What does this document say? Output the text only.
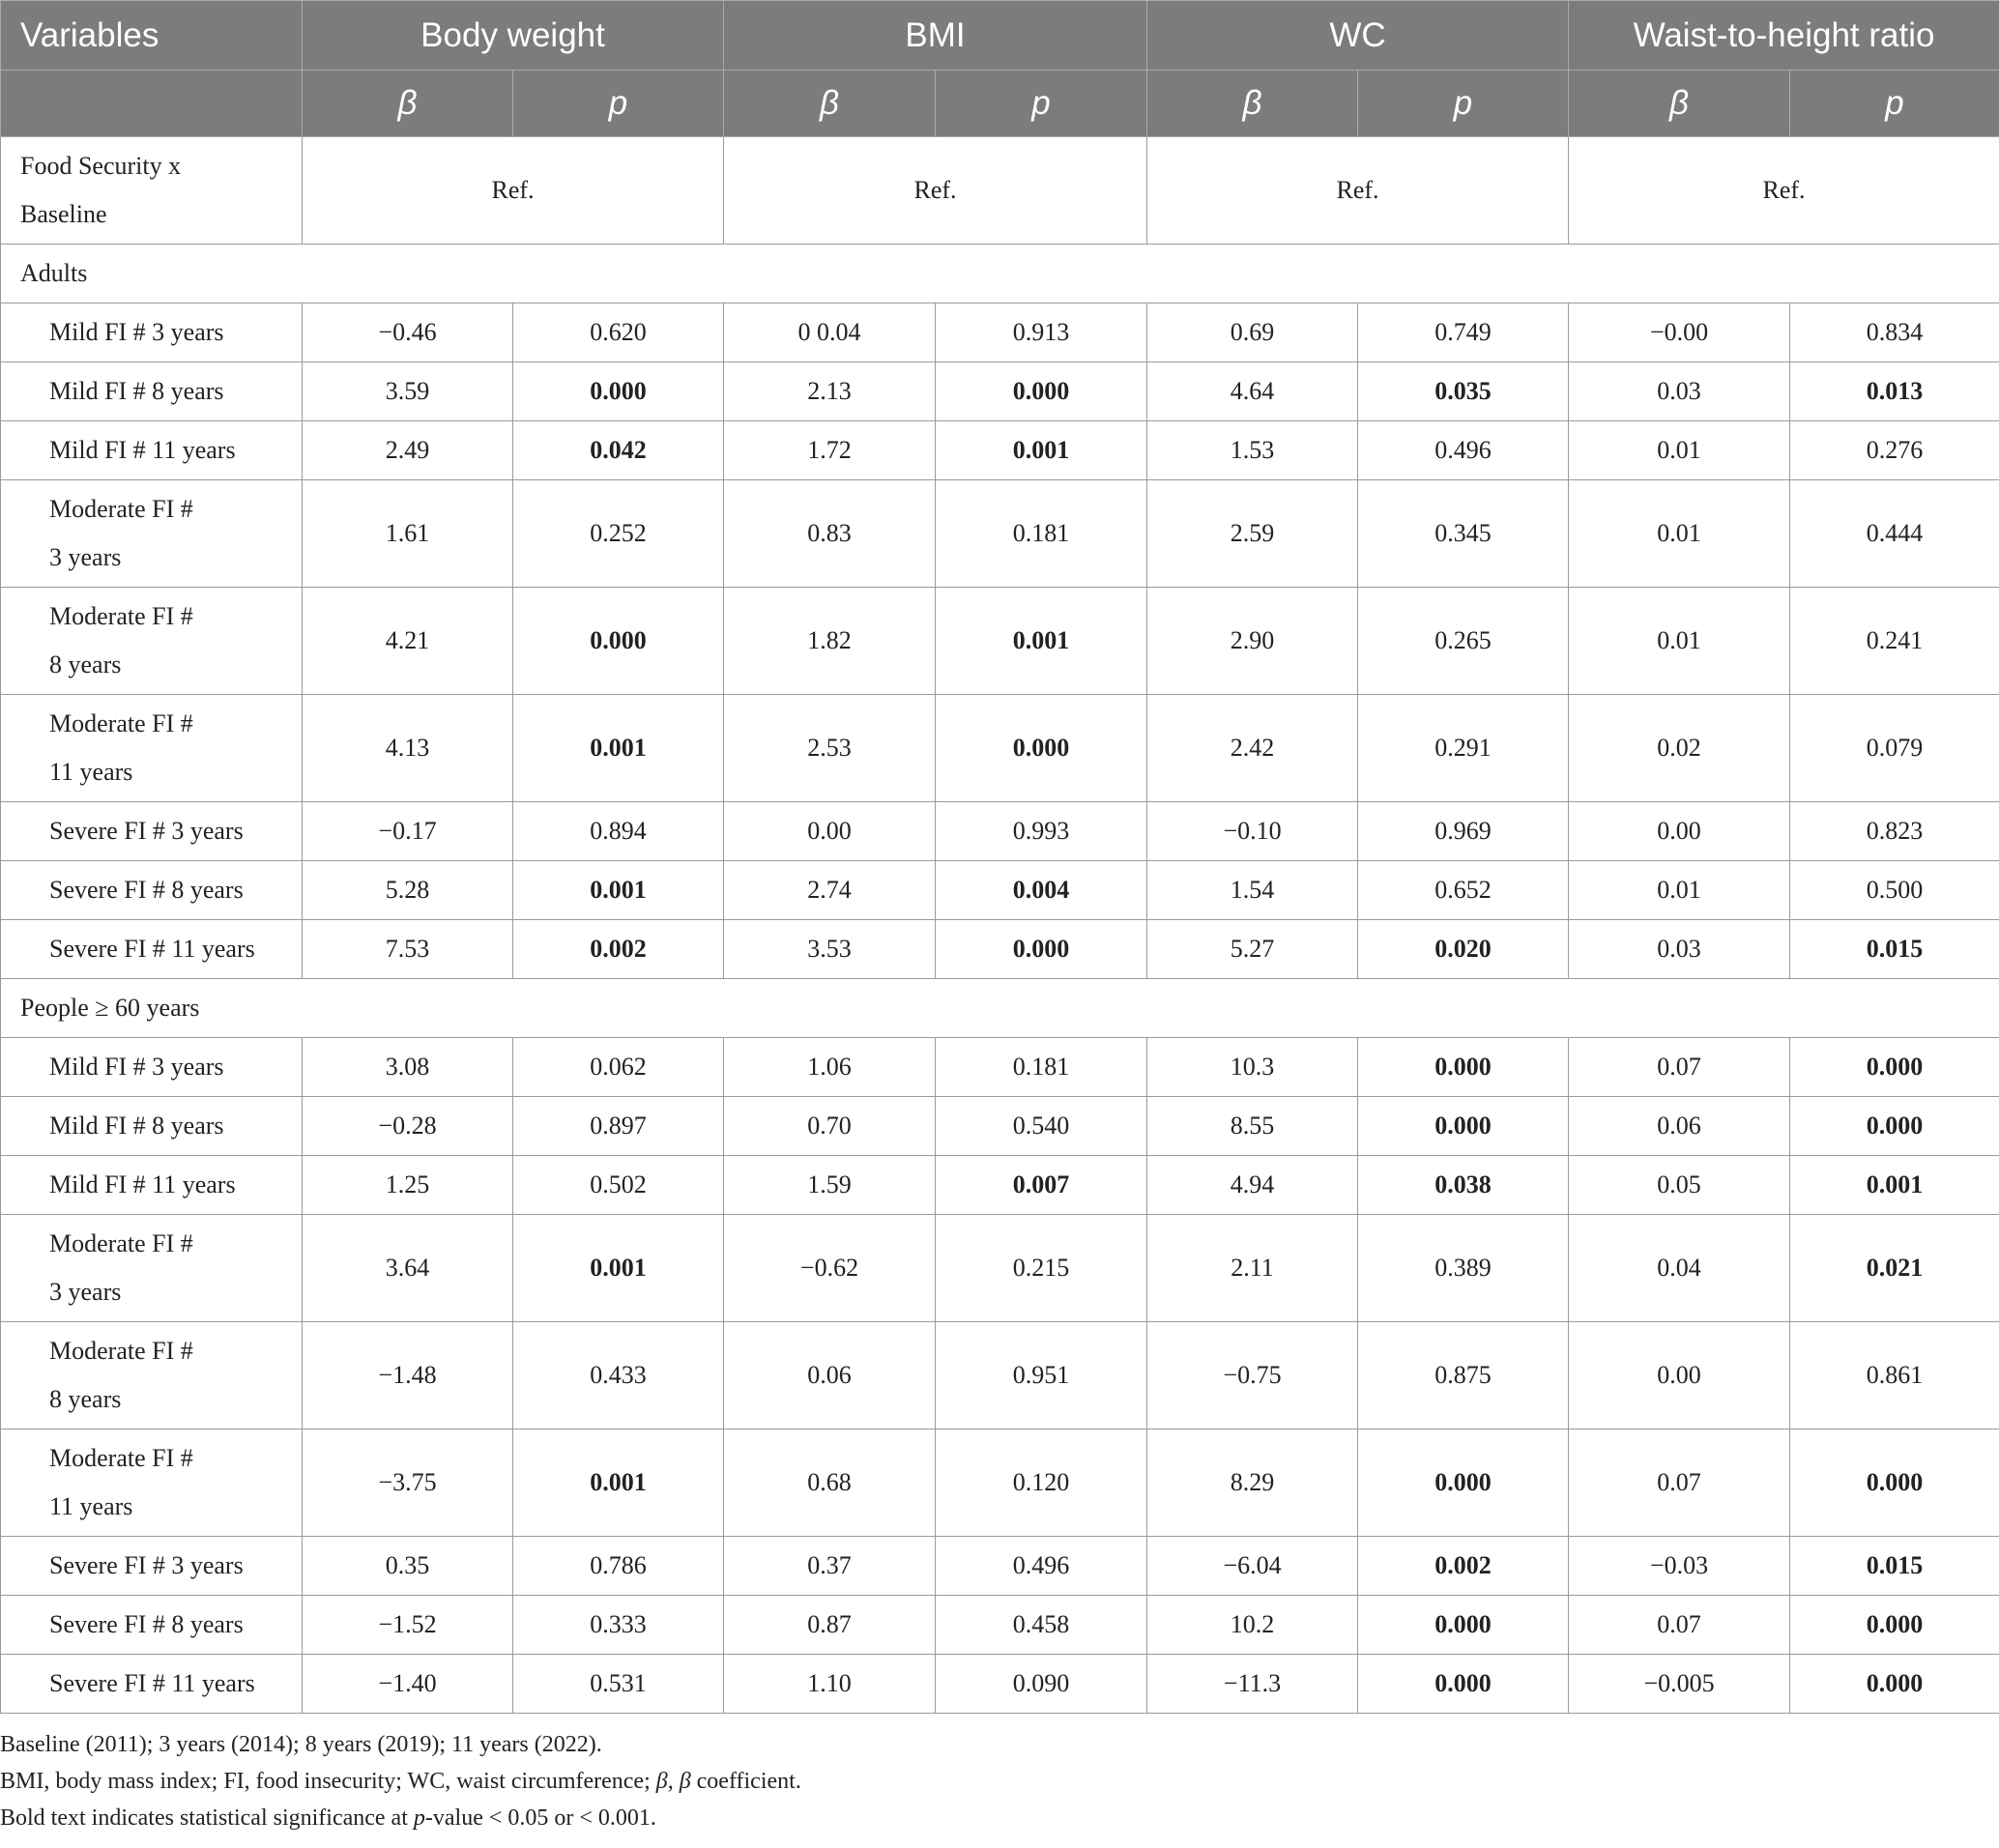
Variables	Body weight		BMI		WC		Waist-to-height ratio	
	β	p	β	p	β	p	β	p
Food Security x
Baseline	Ref.		Ref.		Ref.		Ref.	
Adults								
Mild FI # 3 years	−0.46	0.620	0 0.04	0.913	0.69	0.749	−0.00	0.834
Mild FI # 8 years	3.59	0.000	2.13	0.000	4.64	0.035	0.03	0.013
Mild FI # 11 years	2.49	0.042	1.72	0.001	1.53	0.496	0.01	0.276
Moderate FI #
3 years	1.61	0.252	0.83	0.181	2.59	0.345	0.01	0.444
Moderate FI #
8 years	4.21	0.000	1.82	0.001	2.90	0.265	0.01	0.241
Moderate FI #
11 years	4.13	0.001	2.53	0.000	2.42	0.291	0.02	0.079
Severe FI # 3 years	−0.17	0.894	0.00	0.993	−0.10	0.969	0.00	0.823
Severe FI # 8 years	5.28	0.001	2.74	0.004	1.54	0.652	0.01	0.500
Severe FI # 11 years	7.53	0.002	3.53	0.000	5.27	0.020	0.03	0.015
People ≥ 60 years								
Mild FI # 3 years	3.08	0.062	1.06	0.181	10.3	0.000	0.07	0.000
Mild FI # 8 years	−0.28	0.897	0.70	0.540	8.55	0.000	0.06	0.000
Mild FI # 11 years	1.25	0.502	1.59	0.007	4.94	0.038	0.05	0.001
Moderate FI #
3 years	3.64	0.001	−0.62	0.215	2.11	0.389	0.04	0.021
Moderate FI #
8 years	−1.48	0.433	0.06	0.951	−0.75	0.875	0.00	0.861
Moderate FI #
11 years	−3.75	0.001	0.68	0.120	8.29	0.000	0.07	0.000
Severe FI # 3 years	0.35	0.786	0.37	0.496	−6.04	0.002	−0.03	0.015
Severe FI # 8 years	−1.52	0.333	0.87	0.458	10.2	0.000	0.07	0.000
Severe FI # 11 years	−1.40	0.531	1.10	0.090	−11.3	0.000	−0.005	0.000
Baseline (2011); 3 years (2014); 8 years (2019); 11 years (2022).
BMI, body mass index; FI, food insecurity; WC, waist circumference; β, β coefficient.
Bold text indicates statistical significance at p-value < 0.05 or < 0.001.
